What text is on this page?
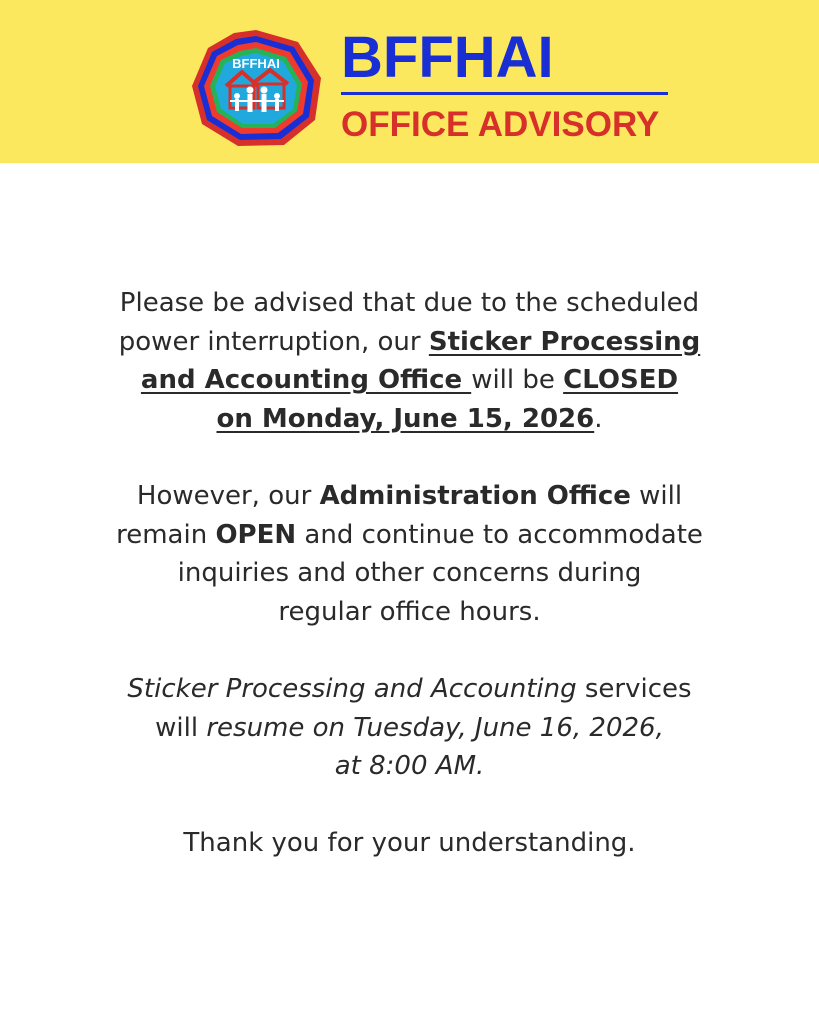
BFFHAI BFFHAI
OFFICE ADVISORY
Please be advised that due to the scheduled
power interruption, our Sticker Processing
and Accounting Office will be CLOSED
on Monday, June 15, 2026.
However, our Administration Office will
remain OPEN and continue to accommodate
inquiries and other concerns during
regular office hours.
Sticker Processing and Accounting services
will resume on Tuesday, June 16, 2026,
at 8:00 AM.
Thank you for your understanding.
